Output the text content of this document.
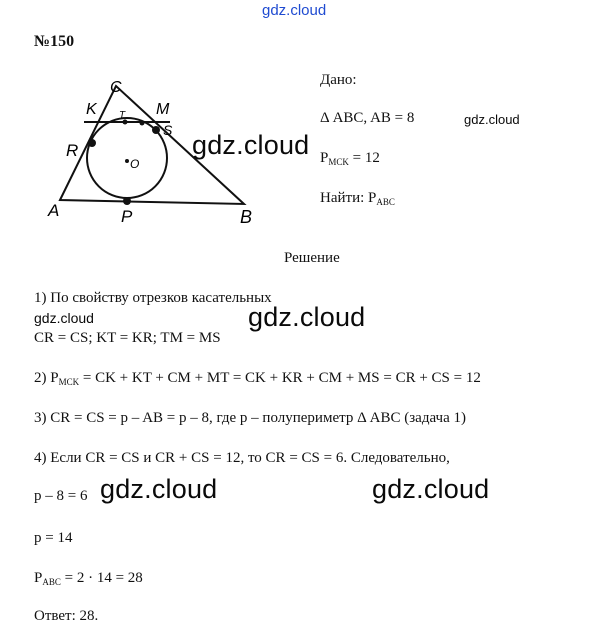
gdz.cloud
№150
C
K	M
T
S
R
O
A	P	B
gdz.cloud
Дано:
Δ ABC, AB = 8	gdz.cloud
$P_{MCK} = 12$
Найти: $P_{ABC}$
Решение
1) По свойству отрезков касательных
gdz.cloud	gdz.cloud
CR = CS; KT = KR; TM = MS
2) $P_{MCK}$ = CK + KT + CM + MT = CK + KR + CM + MS = CR + CS = 12
3) CR = CS = p – AB = p – 8, где p – полупериметр Δ ABC (задача 1)
4) Если CR = CS и CR + CS = 12, то CR = CS = 6. Следовательно,
p – 8 = 6 gdz.cloud	gdz.cloud
p = 14
$P_{ABC} = 2 \cdot 14 = 28$
Ответ: 28.
